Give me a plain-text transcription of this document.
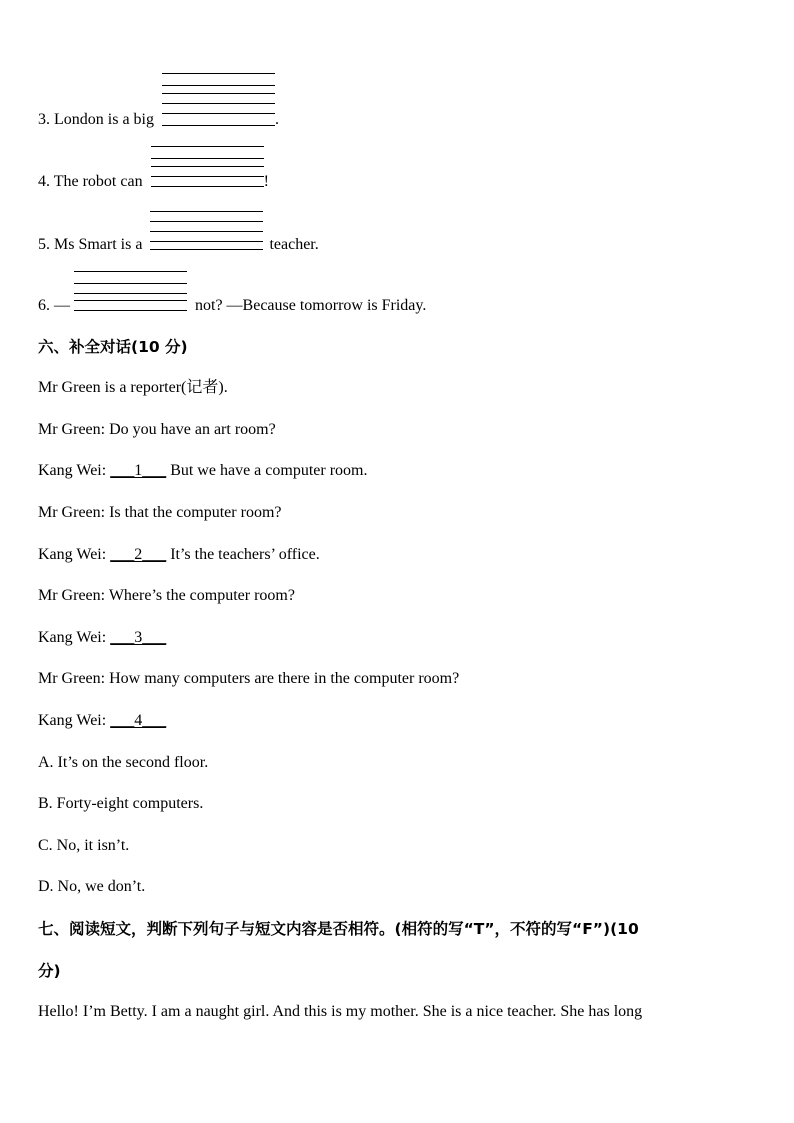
3. London is a big	.
4. The robot can	!
5. Ms Smart is a	teacher.
6. —	not? —Because tomorrow is Friday.
六、补全对话(10 分)
Mr Green is a reporter(记者).
Mr Green: Do you have an art room?
Kang Wei: ___1___ But we have a computer room.
Mr Green: Is that the computer room?
Kang Wei: ___2___ It’s the teachers’ office.
Mr Green: Where’s the computer room?
Kang Wei: ___3___
Mr Green: How many computers are there in the computer room?
Kang Wei: ___4___
A. It’s on the second floor.
B. Forty-eight computers.
C. No, it isn’t.
D. No, we don’t.
七、阅读短文，判断下列句子与短文内容是否相符。(相符的写“T”，不符的写“F”)(10
分)
Hello! I’m Betty. I am a naught girl. And this is my mother. She is a nice teacher. She has long
